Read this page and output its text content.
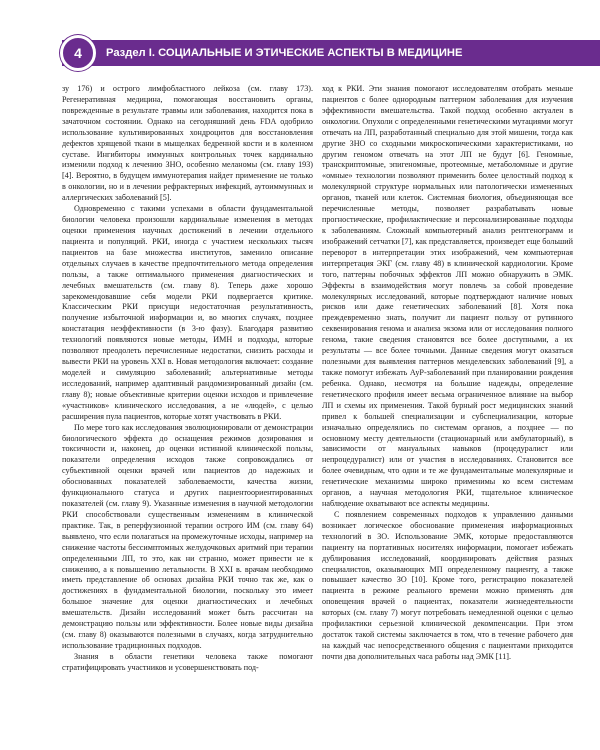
4	Раздел I. СОЦИАЛЬНЫЕ И ЭТИЧЕСКИЕ АСПЕКТЫ В МЕДИЦИНЕ

зу 176) и острого лимфобластного лейкоза (см. главу 173). Регенеративная медицина, помогающая восстановить органы, поврежденные в результате травмы или заболевания, находится пока в зачаточном состоянии. Однако на сегодняшний день FDA одобрило использование культивированных хондроцитов для восстановления дефектов хрящевой ткани в мыщелках бедренной кости и в коленном суставе. Ингибиторы иммунных контрольных точек кардинально изменили подход к лечению ЗНО, особенно меланомы (см. главу 193) [4]. Вероятно, в будущем иммунотерапия найдет применение не только в онкологии, но и в лечении рефрактерных инфекций, аутоиммунных и аллергических заболеваний [5].

Одновременно с такими успехами в области фундаментальной биологии человека произошли кардинальные изменения в методах оценки применения научных достижений в лечении отдельного пациента и популяций. РКИ, иногда с участием нескольких тысяч пациентов на базе множества институтов, заменило описание отдельных случаев в качестве предпочтительного метода определения пользы, а также оптимального применения диагностических и лечебных вмешательств (см. главу 8). Теперь даже хорошо зарекомендовавшие себя модели РКИ подвергается критике. Классическим РКИ присущи недостаточная результативность, получение избыточной информации и, во многих случаях, позднее констатация неэффективности (в 3-ю фазу). Благодаря развитию технологий появляются новые методы, ИМН и подходы, которые позволяют преодолеть перечисленные недостатки, снизить расходы и вывести РКИ на уровень XXI в. Новая методология включает: создание моделей и симуляцию заболеваний; альтернативные методы исследований, например адаптивный рандомизированный дизайн (см. главу 8); новые объективные критерии оценки исходов и привлечение «участников» клинического исследования, а не «людей», с целью расширения пула пациентов, которые хотят участвовать в РКИ.

По мере того как исследования эволюционировали от демонстрации биологического эффекта до оснащения режимов дозирования и токсичности и, наконец, до оценки истинной клинической пользы, показатели определения исходов также сопровождались от субъективной оценки врачей или пациентов до надежных и обоснованных показателей заболеваемости, качества жизни, функционального статуса и других пациентоориентированных показателей (см. главу 9). Указанные изменения в научной методологии РКИ способствовали существенным изменениям в клинической практике. Так, в реперфузионной терапии острого ИМ (см. главу 64) выявлено, что если полагаться на промежуточные исходы, например на снижение частоты бессимптомных желудочковых аритмий при терапии определенными ЛП, то это, как ни странно, может привести не к снижению, а к повышению летальности. В XXI в. врачам необходимо иметь представление об основах дизайна РКИ точно так же, как о достижениях в фундаментальной биологии, поскольку это имеет большое значение для оценки диагностических и лечебных вмешательств. Дизайн исследований может быть рассчитан на демонстрацию пользы или эффективности. Более новые виды дизайна (см. главу 8) оказываются полезными в случаях, когда затруднительно использование традиционных подходов.

Знания в области генетики человека также помогают стратифицировать участников и усовершенствовать под-

ход к РКИ. Эти знания помогают исследователям отобрать меньше пациентов с более однородным паттерном заболевания для изучения эффективности вмешательства. Такой подход особенно актуален в онкологии. Опухоли с определенными генетическими мутациями могут отвечать на ЛП, разработанный специально для этой мишени, тогда как другие ЗНО со сходными микроскопическими характеристиками, но другим геномом отвечать на этот ЛП не будут [6]. Геномные, транскриптомные, эпигеномные, протеомные, метаболомные и другие «омные» технологии позволяют применить более целостный подход к молекулярной структуре нормальных или патологически измененных органов, тканей или клеток. Системная биология, объединяющая все перечисленные методы, позволяет разрабатывать новые прогностические, профилактические и персонализированные подходы к заболеваниям. Сложный компьютерный анализ рентгенограмм и изображений сетчатки [7], как представляется, произведет еще больший переворот в интерпретации этих изображений, чем компьютерная интерпретация ЭКГ (см. главу 48) в клинической кардиологии. Кроме того, паттерны побочных эффектов ЛП можно обнаружить в ЭМК. Эффекты в взаимодействия могут повлечь за собой проведение молекулярных исследований, которые подтверждают наличие новых рисков или даже генетических заболеваний [8]. Хотя пока преждевременно знать, получит ли пациент пользу от рутинного секвенирования генома и анализа экзома или от исследования полного генома, такие сведения становятся все более доступными, а их результаты — все более точными. Данные сведения могут оказаться полезными для выявления паттернов менделевских заболеваний [9], а также помогут избежать АуР-заболеваний при планировании рождения ребенка. Однако, несмотря на большие надежды, определение генетического профиля имеет весьма ограниченное влияние на выбор ЛП и схемы их применения. Такой бурный рост медицинских знаний привел к большей специализации и субспециализации, которые изначально определялись по системам органов, а позднее — по основному месту деятельности (стационарный или амбулаторный), в зависимости от мануальных навыков (процедуралист или непроцедуралист) или от участия в исследованиях. Становится все более очевидным, что одни и те же фундаментальные молекулярные и генетические механизмы широко применимы ко всем системам органов, а научная методология РКИ, тщательное клиническое наблюдение охватывают все аспекты медицины.

С появлением современных подходов к управлению данными возникает логическое обоснование применения информационных технологий в ЗО. Использование ЭМК, которые предоставляются пациенту на портативных носителях информации, помогает избежать дублирования исследований, координировать действия разных специалистов, оказывающих МП определенному пациенту, а также повышает качество ЗО [10]. Кроме того, регистрацию показателей пациента в режиме реального времени можно применять для оповещения врачей о пациентах, показатели жизнедеятельности которых (см. главу 7) могут потребовать немедленной оценки с целью профилактики серьезной клинической декомпенсации. При этом достаток такой системы заключается в том, что в течение рабочего дня на каждый час непосредственного общения с пациентами приходится почти два дополнительных часа работы над ЭМК [11].
